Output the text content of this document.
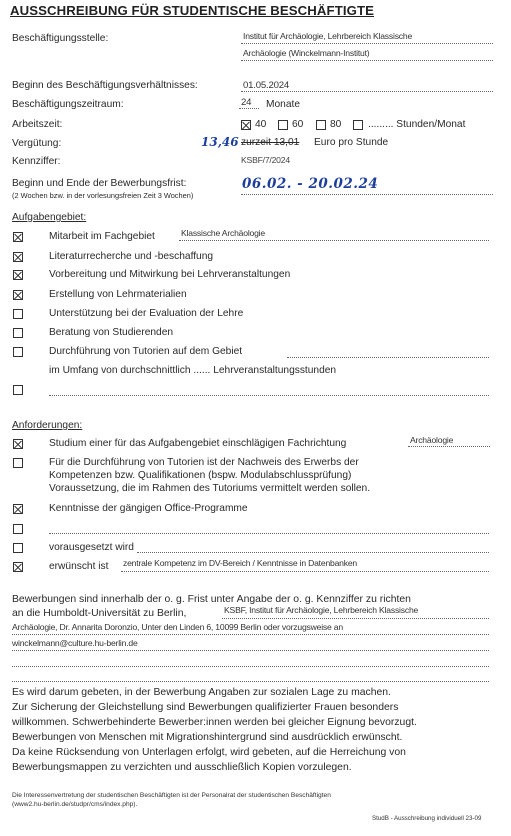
AUSSCHREIBUNG FÜR STUDENTISCHE BESCHÄFTIGTE
Beschäftigungsstelle:	Institut für Archäologie, Lehrbereich Klassische
Archäologie (Winckelmann-Institut)
Beginn des Beschäftigungsverhältnisses:	01.05.2024
Beschäftigungszeitraum:	24 Monate
Arbeitszeit:	40	60	80	......... Stunden/Monat
Vergütung:	13,46 zurzeit 13,01 Euro pro Stunde
Kennziffer:	KSBF/7/2024
Beginn und Ende der Bewerbungsfrist:
(2 Wochen bzw. in der vorlesungsfreien Zeit 3 Wochen)
06.02. - 20.02.24
Aufgabengebiet:
Mitarbeit im Fachgebiet	Klassische Archäologie
Literaturrecherche und -beschaffung
Vorbereitung und Mitwirkung bei Lehrveranstaltungen
Erstellung von Lehrmaterialien
Unterstützung bei der Evaluation der Lehre
Beratung von Studierenden
Durchführung von Tutorien auf dem Gebiet
im Umfang von durchschnittlich ...... Lehrveranstaltungsstunden
Anforderungen:
Studium einer für das Aufgabengebiet einschlägigen Fachrichtung	Archäologie
Für die Durchführung von Tutorien ist der Nachweis des Erwerbs der
Kompetenzen bzw. Qualifikationen (bspw. Modulabschlussprüfung)
Voraussetzung, die im Rahmen des Tutoriums vermittelt werden sollen.
Kenntnisse der gängigen Office-Programme
vorausgesetzt wird
erwünscht ist zentrale Kompetenz im DV-Bereich / Kenntnisse in Datenbanken
Bewerbungen sind innerhalb der o. g. Frist unter Angabe der o. g. Kennziffer zu richten
an die Humboldt-Universität zu Berlin,	KSBF, Institut für Archäologie, Lehrbereich Klassische
Archäologie, Dr. Annarita Doronzio, Unter den Linden 6, 10099 Berlin oder vorzugsweise an
winckelmann@culture.hu-berlin.de
Es wird darum gebeten, in der Bewerbung Angaben zur sozialen Lage zu machen.
Zur Sicherung der Gleichstellung sind Bewerbungen qualifizierter Frauen besonders
willkommen. Schwerbehinderte Bewerber:innen werden bei gleicher Eignung bevorzugt.
Bewerbungen von Menschen mit Migrationshintergrund sind ausdrücklich erwünscht.
Da keine Rücksendung von Unterlagen erfolgt, wird gebeten, auf die Herreichung von
Bewerbungsmappen zu verzichten und ausschließlich Kopien vorzulegen.
Die Interessenvertretung der studentischen Beschäftigten ist der Personalrat der studentischen Beschäftigten
(www2.hu-berlin.de/studpr/cms/index.php).
StudB - Ausschreibung individuell 23-09
